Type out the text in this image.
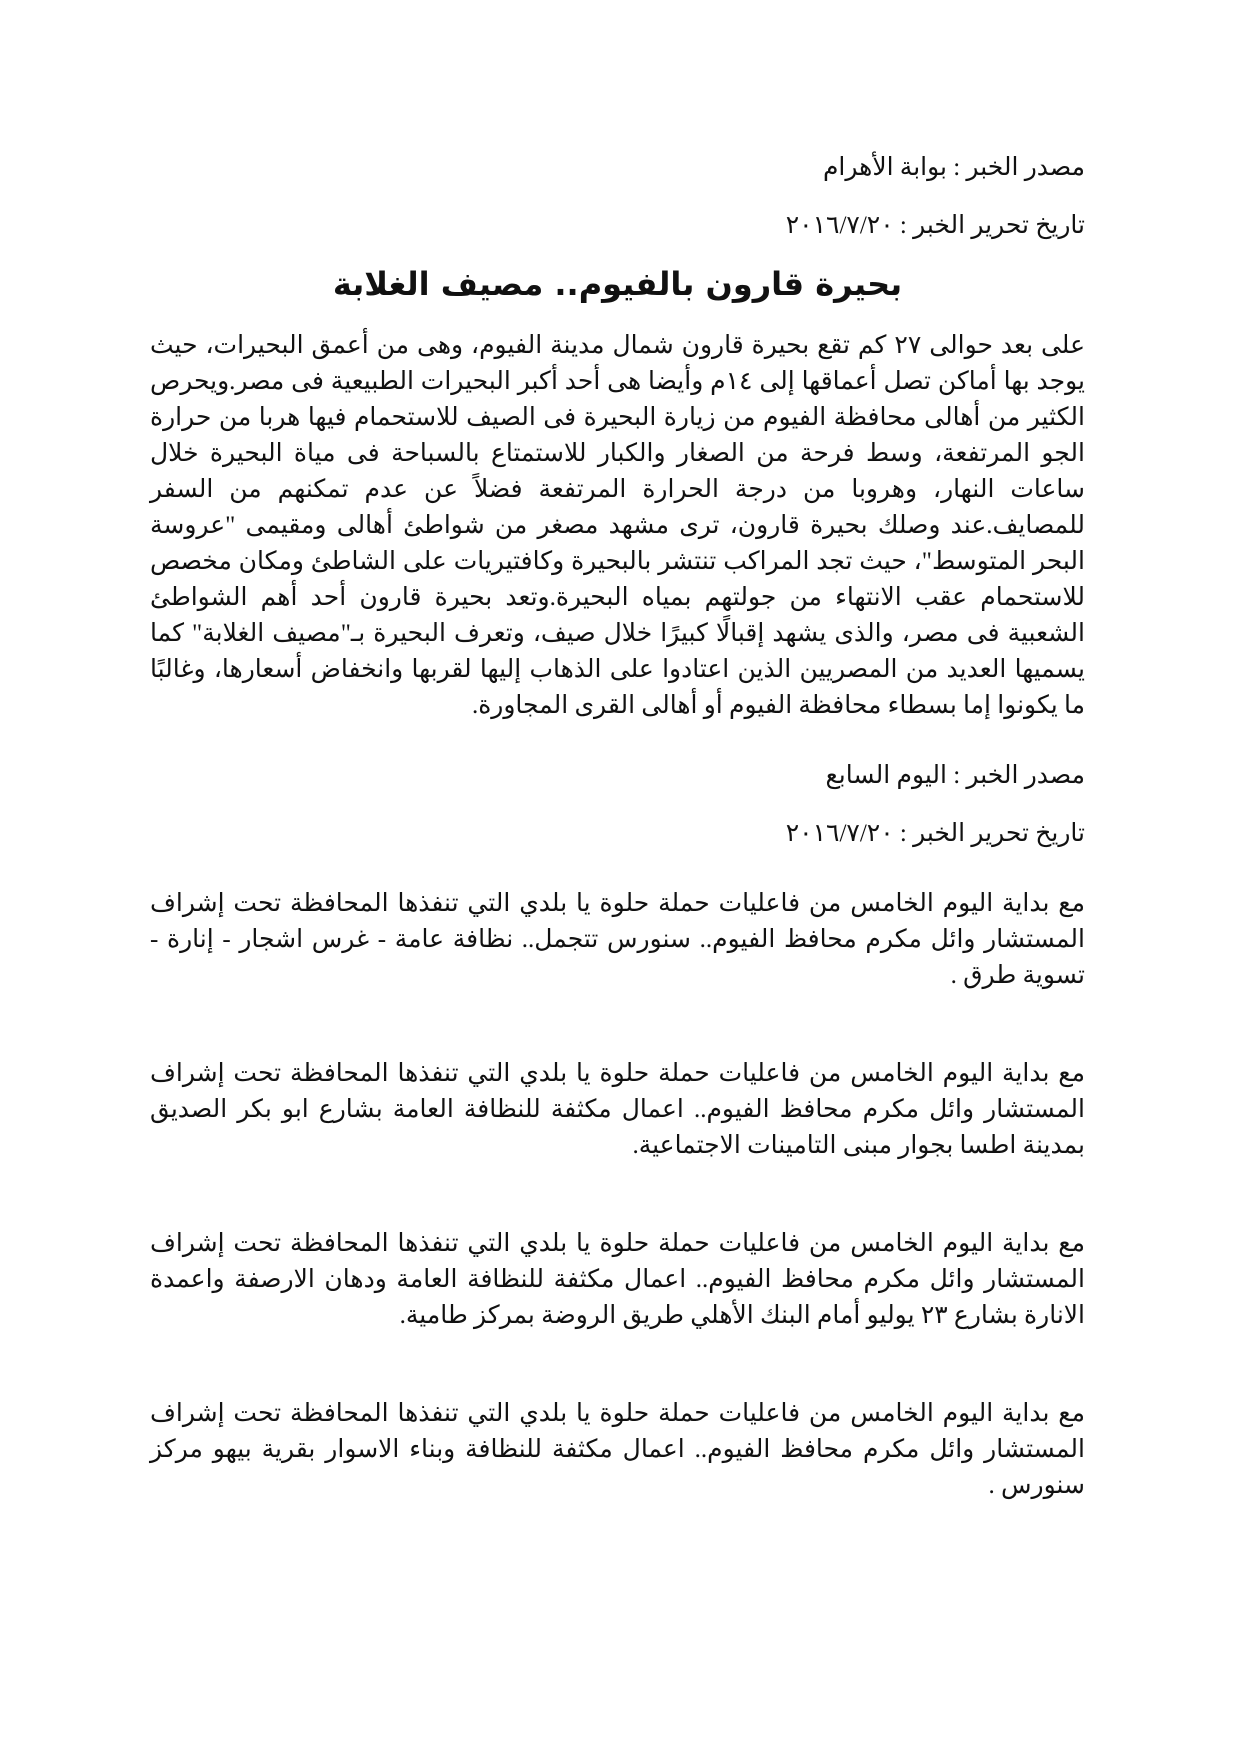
مصدر الخبر : بوابة الأهرام

تاريخ تحرير الخبر : ٢٠١٦/٧/٢٠

بحيرة قارون بالفيوم.. مصيف الغلابة

على بعد حوالى ٢٧ كم تقع بحيرة قارون شمال مدينة الفيوم، وهى من أعمق البحيرات، حيث يوجد بها أماكن تصل أعماقها إلى ١٤م وأيضا هى أحد أكبر البحيرات الطبيعية فى مصر.ويحرص الكثير من أهالى محافظة الفيوم من زيارة البحيرة فى الصيف للاستحمام فيها هربا من حرارة الجو المرتفعة، وسط فرحة من الصغار والكبار للاستمتاع بالسباحة فى مياة البحيرة خلال ساعات النهار، وهروبا من درجة الحرارة المرتفعة فضلاً عن عدم تمكنهم من السفر للمصايف.عند وصلك بحيرة قارون، ترى مشهد مصغر من شواطئ أهالى ومقيمى "عروسة البحر المتوسط"، حيث تجد المراكب تنتشر بالبحيرة وكافتيريات على الشاطئ ومكان مخصص للاستحمام عقب الانتهاء من جولتهم بمياه البحيرة.وتعد بحيرة قارون أحد أهم الشواطئ الشعبية فى مصر، والذى يشهد إقبالًا كبيرًا خلال صيف، وتعرف البحيرة بـ"مصيف الغلابة" كما يسميها العديد من المصريين الذين اعتادوا على الذهاب إليها لقربها وانخفاض أسعارها، وغالبًا ما يكونوا إما بسطاء محافظة الفيوم أو أهالى القرى المجاورة.

مصدر الخبر : اليوم السابع

تاريخ تحرير الخبر : ٢٠١٦/٧/٢٠

مع بداية اليوم الخامس من فاعليات حملة حلوة يا بلدي التي تنفذها المحافظة تحت إشراف المستشار وائل مكرم محافظ الفيوم.. سنورس تتجمل.. نظافة عامة - غرس اشجار - إنارة - تسوية طرق .

مع بداية اليوم الخامس من فاعليات حملة حلوة يا بلدي التي تنفذها المحافظة تحت إشراف المستشار وائل مكرم محافظ الفيوم.. اعمال مكثفة للنظافة العامة بشارع ابو بكر الصديق بمدينة اطسا بجوار مبنى التامينات الاجتماعية.

مع بداية اليوم الخامس من فاعليات حملة حلوة يا بلدي التي تنفذها المحافظة تحت إشراف المستشار وائل مكرم محافظ الفيوم.. اعمال مكثفة للنظافة العامة ودهان الارصفة واعمدة الانارة بشارع ٢٣ يوليو أمام البنك الأهلي طريق الروضة بمركز طامية.

مع بداية اليوم الخامس من فاعليات حملة حلوة يا بلدي التي تنفذها المحافظة تحت إشراف المستشار وائل مكرم محافظ الفيوم.. اعمال مكثفة للنظافة وبناء الاسوار بقرية بيهو مركز سنورس .
